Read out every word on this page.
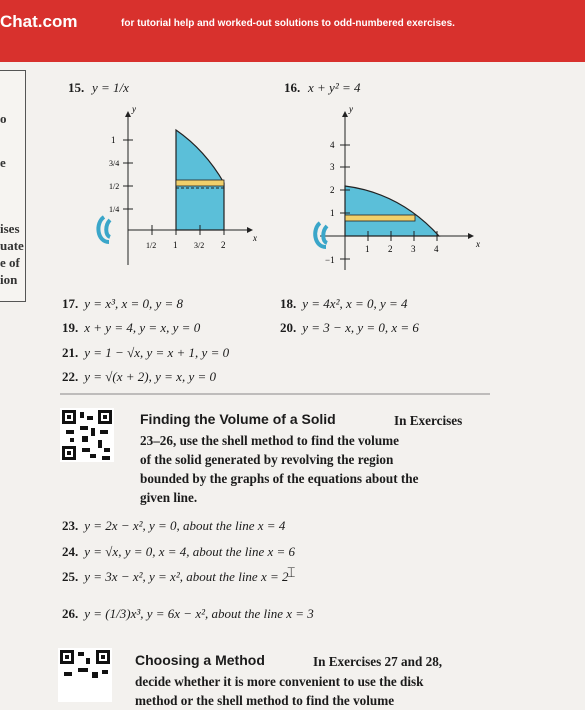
Chat.com	for tutorial help and worked-out solutions to odd-numbered exercises.
o
e
ises
uate
e of
ion
15. y = 1/x
y
x
1
3/4
1/2
1/4
1/2 1 3/2 2
16. x + y² = 4
y
x
4
3
2
1
−1
1 2 3 4
17. y = x³, x = 0, y = 8	18. y = 4x², x = 0, y = 4
19. x + y = 4, y = x, y = 0	20. y = 3 − x, y = 0, x = 6
21. y = 1 − √x, y = x + 1, y = 0
22. y = √(x + 2), y = x, y = 0
Finding the Volume of a Solid	In Exercises
23–26, use the shell method to find the volume
of the solid generated by revolving the region
bounded by the graphs of the equations about the
given line.
23. y = 2x − x², y = 0, about the line x = 4
24. y = √x, y = 0, x = 4, about the line x = 6
25. y = 3x − x², y = x², about the line x = 2
⌶
26. y = (1/3)x³, y = 6x − x², about the line x = 3
Choosing a Method	In Exercises 27 and 28,
decide whether it is more convenient to use the disk
method or the shell method to find the volume
